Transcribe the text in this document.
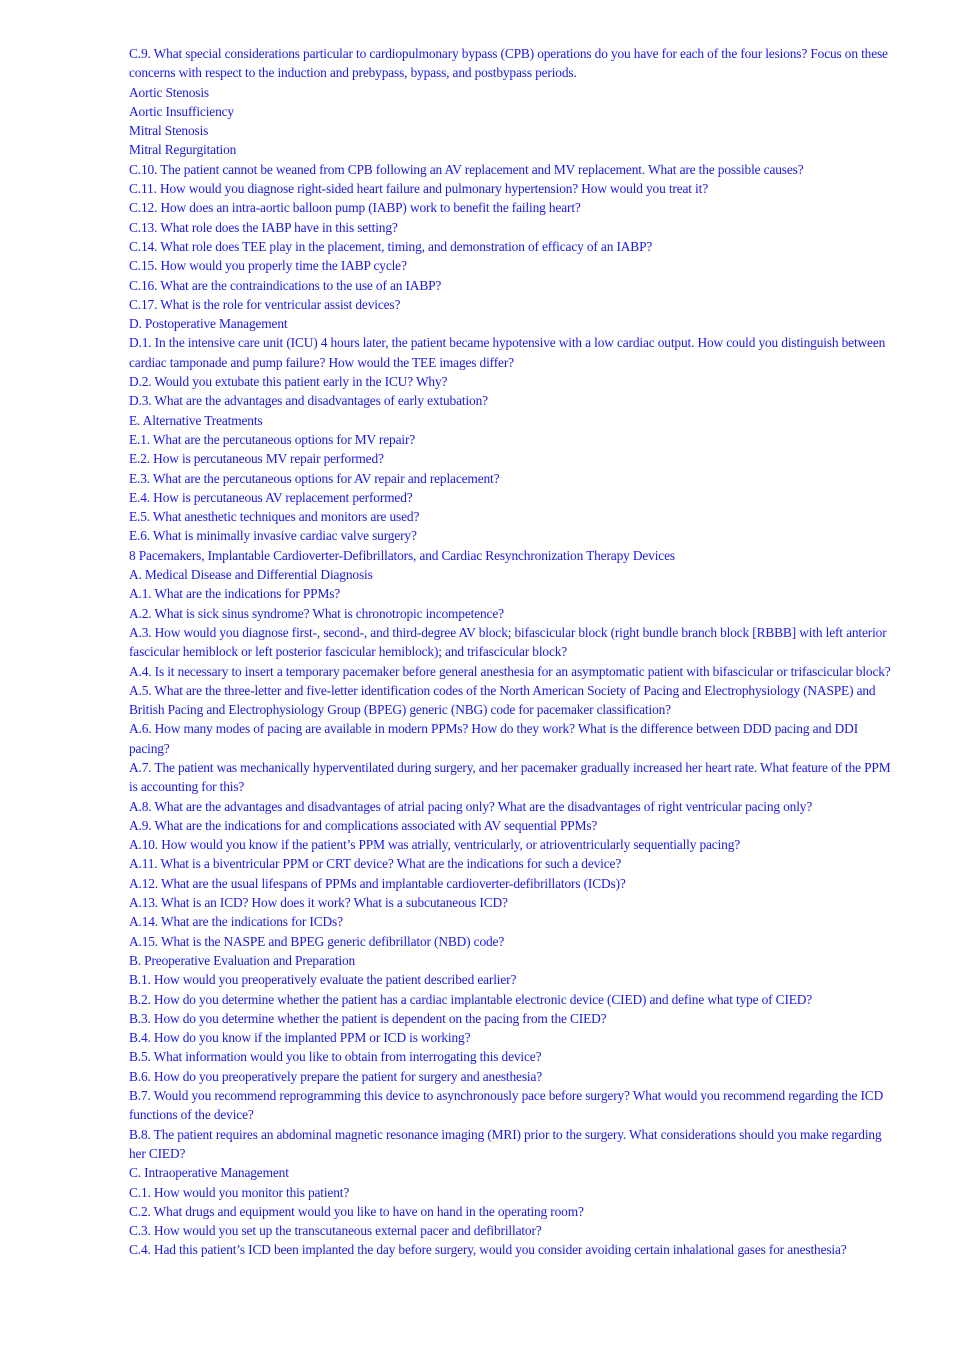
C.9. What special considerations particular to cardiopulmonary bypass (CPB) operations do you have for each of the four lesions? Focus on these concerns with respect to the induction and prebypass, bypass, and postbypass periods.

Aortic Stenosis

Aortic Insufficiency

Mitral Stenosis

Mitral Regurgitation

C.10. The patient cannot be weaned from CPB following an AV replacement and MV replacement. What are the possible causes?

C.11. How would you diagnose right-sided heart failure and pulmonary hypertension? How would you treat it?

C.12. How does an intra-aortic balloon pump (IABP) work to benefit the failing heart?

C.13. What role does the IABP have in this setting?

C.14. What role does TEE play in the placement, timing, and demonstration of efficacy of an IABP?

C.15. How would you properly time the IABP cycle?

C.16. What are the contraindications to the use of an IABP?

C.17. What is the role for ventricular assist devices?

D. Postoperative Management

D.1. In the intensive care unit (ICU) 4 hours later, the patient became hypotensive with a low cardiac output. How could you distinguish between cardiac tamponade and pump failure? How would the TEE images differ?

D.2. Would you extubate this patient early in the ICU? Why?

D.3. What are the advantages and disadvantages of early extubation?

E. Alternative Treatments

E.1. What are the percutaneous options for MV repair?

E.2. How is percutaneous MV repair performed?

E.3. What are the percutaneous options for AV repair and replacement?

E.4. How is percutaneous AV replacement performed?

E.5. What anesthetic techniques and monitors are used?

E.6. What is minimally invasive cardiac valve surgery?

8 Pacemakers, Implantable Cardioverter-Defibrillators, and Cardiac Resynchronization Therapy Devices

A. Medical Disease and Differential Diagnosis

A.1. What are the indications for PPMs?

A.2. What is sick sinus syndrome? What is chronotropic incompetence?

A.3. How would you diagnose first-, second-, and third-degree AV block; bifascicular block (right bundle branch block [RBBB] with left anterior fascicular hemiblock or left posterior fascicular hemiblock); and trifascicular block?

A.4. Is it necessary to insert a temporary pacemaker before general anesthesia for an asymptomatic patient with bifascicular or trifascicular block?

A.5. What are the three-letter and five-letter identification codes of the North American Society of Pacing and Electrophysiology (NASPE) and British Pacing and Electrophysiology Group (BPEG) generic (NBG) code for pacemaker classification?

A.6. How many modes of pacing are available in modern PPMs? How do they work? What is the difference between DDD pacing and DDI pacing?

A.7. The patient was mechanically hyperventilated during surgery, and her pacemaker gradually increased her heart rate. What feature of the PPM is accounting for this?

A.8. What are the advantages and disadvantages of atrial pacing only? What are the disadvantages of right ventricular pacing only?

A.9. What are the indications for and complications associated with AV sequential PPMs?

A.10. How would you know if the patient’s PPM was atrially, ventricularly, or atrioventricularly sequentially pacing?

A.11. What is a biventricular PPM or CRT device? What are the indications for such a device?

A.12. What are the usual lifespans of PPMs and implantable cardioverter-defibrillators (ICDs)?

A.13. What is an ICD? How does it work? What is a subcutaneous ICD?

A.14. What are the indications for ICDs?

A.15. What is the NASPE and BPEG generic defibrillator (NBD) code?

B. Preoperative Evaluation and Preparation

B.1. How would you preoperatively evaluate the patient described earlier?

B.2. How do you determine whether the patient has a cardiac implantable electronic device (CIED) and define what type of CIED?

B.3. How do you determine whether the patient is dependent on the pacing from the CIED?

B.4. How do you know if the implanted PPM or ICD is working?

B.5. What information would you like to obtain from interrogating this device?

B.6. How do you preoperatively prepare the patient for surgery and anesthesia?

B.7. Would you recommend reprogramming this device to asynchronously pace before surgery? What would you recommend regarding the ICD functions of the device?

B.8. The patient requires an abdominal magnetic resonance imaging (MRI) prior to the surgery. What considerations should you make regarding her CIED?

C. Intraoperative Management

C.1. How would you monitor this patient?

C.2. What drugs and equipment would you like to have on hand in the operating room?

C.3. How would you set up the transcutaneous external pacer and defibrillator?

C.4. Had this patient’s ICD been implanted the day before surgery, would you consider avoiding certain inhalational gases for anesthesia?
